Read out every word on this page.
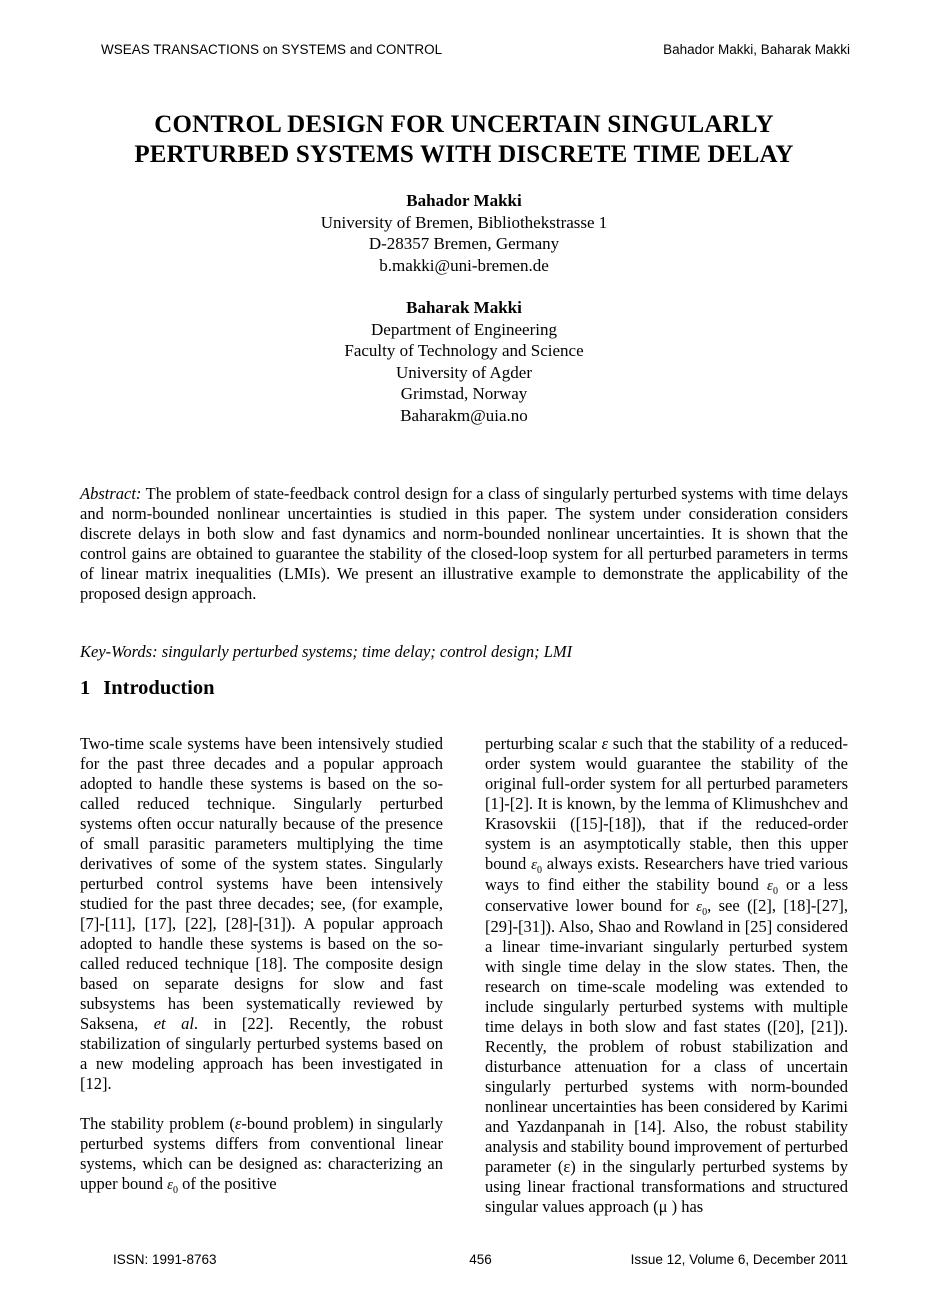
WSEAS TRANSACTIONS on SYSTEMS and CONTROL	Bahador Makki, Baharak Makki
CONTROL DESIGN FOR UNCERTAIN SINGULARLY
PERTURBED SYSTEMS WITH DISCRETE TIME DELAY
Bahador Makki
University of Bremen, Bibliothekstrasse 1
D-28357 Bremen, Germany
b.makki@uni-bremen.de
Baharak Makki
Department of Engineering
Faculty of Technology and Science
University of Agder
Grimstad, Norway
Baharakm@uia.no

Abstract: The problem of state-feedback control design for a class of singularly perturbed systems with time delays and norm-bounded nonlinear uncertainties is studied in this paper. The system under consideration considers discrete delays in both slow and fast dynamics and norm-bounded nonlinear uncertainties. It is shown that the control gains are obtained to guarantee the stability of the closed-loop system for all perturbed parameters in terms of linear matrix inequalities (LMIs). We present an illustrative example to demonstrate the applicability of the proposed design approach.

Key-Words: singularly perturbed systems; time delay; control design; LMI

1 Introduction

Two-time scale systems have been intensively studied for the past three decades and a popular approach adopted to handle these systems is based on the so-called reduced technique. Singularly perturbed systems often occur naturally because of the presence of small parasitic parameters multiplying the time derivatives of some of the system states. Singularly perturbed control systems have been intensively studied for the past three decades; see, (for example, [7]-[11], [17], [22], [28]-[31]). A popular approach adopted to handle these systems is based on the so-called reduced technique [18]. The composite design based on separate designs for slow and fast subsystems has been systematically reviewed by Saksena, et al. in [22]. Recently, the robust stabilization of singularly perturbed systems based on a new modeling approach has been investigated in [12].

The stability problem (ε-bound problem) in singularly perturbed systems differs from conventional linear systems, which can be designed as: characterizing an upper bound $\varepsilon_0$ of the positive

perturbing scalar ε such that the stability of a reduced-order system would guarantee the stability of the original full-order system for all perturbed parameters [1]-[2]. It is known, by the lemma of Klimushchev and Krasovskii ([15]-[18]), that if the reduced-order system is an asymptotically stable, then this upper bound $\varepsilon_0$ always exists. Researchers have tried various ways to find either the stability bound $\varepsilon_0$ or a less conservative lower bound for $\varepsilon_0$, see ([2], [18]-[27], [29]-[31]). Also, Shao and Rowland in [25] considered a linear time-invariant singularly perturbed system with single time delay in the slow states. Then, the research on time-scale modeling was extended to include singularly perturbed systems with multiple time delays in both slow and fast states ([20], [21]). Recently, the problem of robust stabilization and disturbance attenuation for a class of uncertain singularly perturbed systems with norm-bounded nonlinear uncertainties has been considered by Karimi and Yazdanpanah in [14]. Also, the robust stability analysis and stability bound improvement of perturbed parameter (ε) in the singularly perturbed systems by using linear fractional transformations and structured singular values approach (μ ) has

ISSN: 1991-8763	456	Issue 12, Volume 6, December 2011
